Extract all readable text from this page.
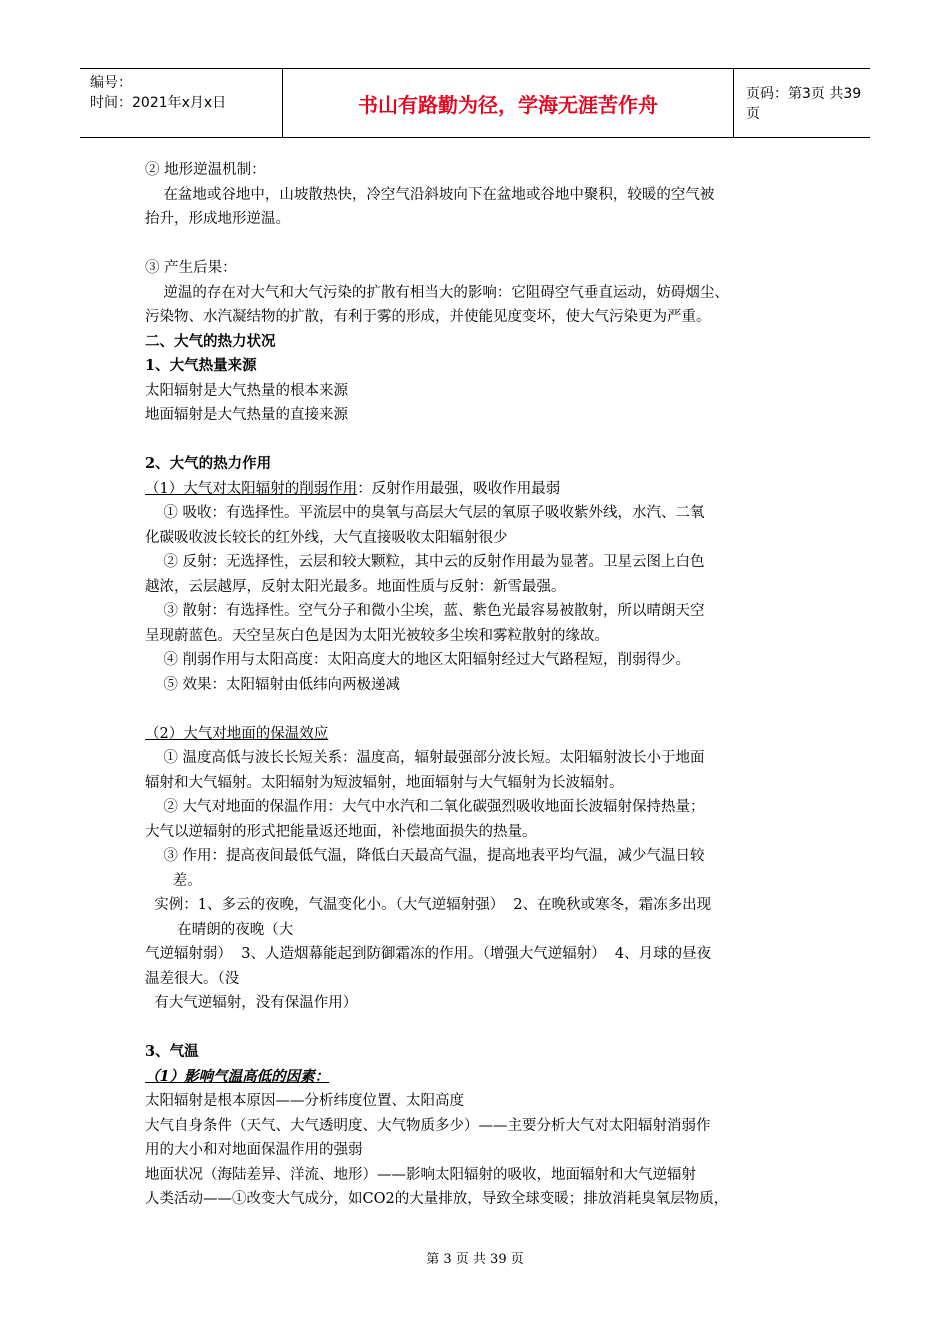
编号：
时间：2021年x月x日	书山有路勤为径，学海无涯苦作舟	页码：第3页 共39页
② 地形逆温机制：
在盆地或谷地中，山坡散热快，冷空气沿斜坡向下在盆地或谷地中聚积，较暖的空气被
抬升，形成地形逆温。
③ 产生后果：
逆温的存在对大气和大气污染的扩散有相当大的影响：它阻碍空气垂直运动，妨碍烟尘、
污染物、水汽凝结物的扩散，有利于雾的形成，并使能见度变坏，使大气污染更为严重。
二、大气的热力状况
1、大气热量来源
太阳辐射是大气热量的根本来源
地面辐射是大气热量的直接来源
2、大气的热力作用
（1）大气对太阳辐射的削弱作用：反射作用最强，吸收作用最弱
① 吸收：有选择性。平流层中的臭氧与高层大气层的氧原子吸收紫外线，水汽、二氧
化碳吸收波长较长的红外线，大气直接吸收太阳辐射很少
② 反射：无选择性，云层和较大颗粒，其中云的反射作用最为显著。卫星云图上白色
越浓，云层越厚，反射太阳光最多。地面性质与反射：新雪最强。
③ 散射：有选择性。空气分子和微小尘埃，蓝、紫色光最容易被散射，所以晴朗天空
呈现蔚蓝色。天空呈灰白色是因为太阳光被较多尘埃和雾粒散射的缘故。
④ 削弱作用与太阳高度：太阳高度大的地区太阳辐射经过大气路程短，削弱得少。
⑤ 效果：太阳辐射由低纬向两极递减
（2）大气对地面的保温效应
① 温度高低与波长长短关系：温度高，辐射最强部分波长短。太阳辐射波长小于地面
辐射和大气辐射。太阳辐射为短波辐射，地面辐射与大气辐射为长波辐射。
② 大气对地面的保温作用：大气中水汽和二氧化碳强烈吸收地面长波辐射保持热量；
大气以逆辐射的形式把能量返还地面，补偿地面损失的热量。
③ 作用：提高夜间最低气温，降低白天最高气温，提高地表平均气温，减少气温日较
差。
实例：1、多云的夜晚，气温变化小。（大气逆辐射强）  2、在晚秋或寒冬，霜冻多出现
在晴朗的夜晚（大
气逆辐射弱）  3、人造烟幕能起到防御霜冻的作用。（增强大气逆辐射）  4、月球的昼夜
温差很大。（没
有大气逆辐射，没有保温作用）
3、气温
（1）影响气温高低的因素：
太阳辐射是根本原因——分析纬度位置、太阳高度
大气自身条件（天气、大气透明度、大气物质多少）——主要分析大气对太阳辐射消弱作
用的大小和对地面保温作用的强弱
地面状况（海陆差异、洋流、地形）——影响太阳辐射的吸收，地面辐射和大气逆辐射
人类活动——①改变大气成分，如CO2的大量排放，导致全球变暖；排放消耗臭氧层物质，
第 3 页 共 39 页
